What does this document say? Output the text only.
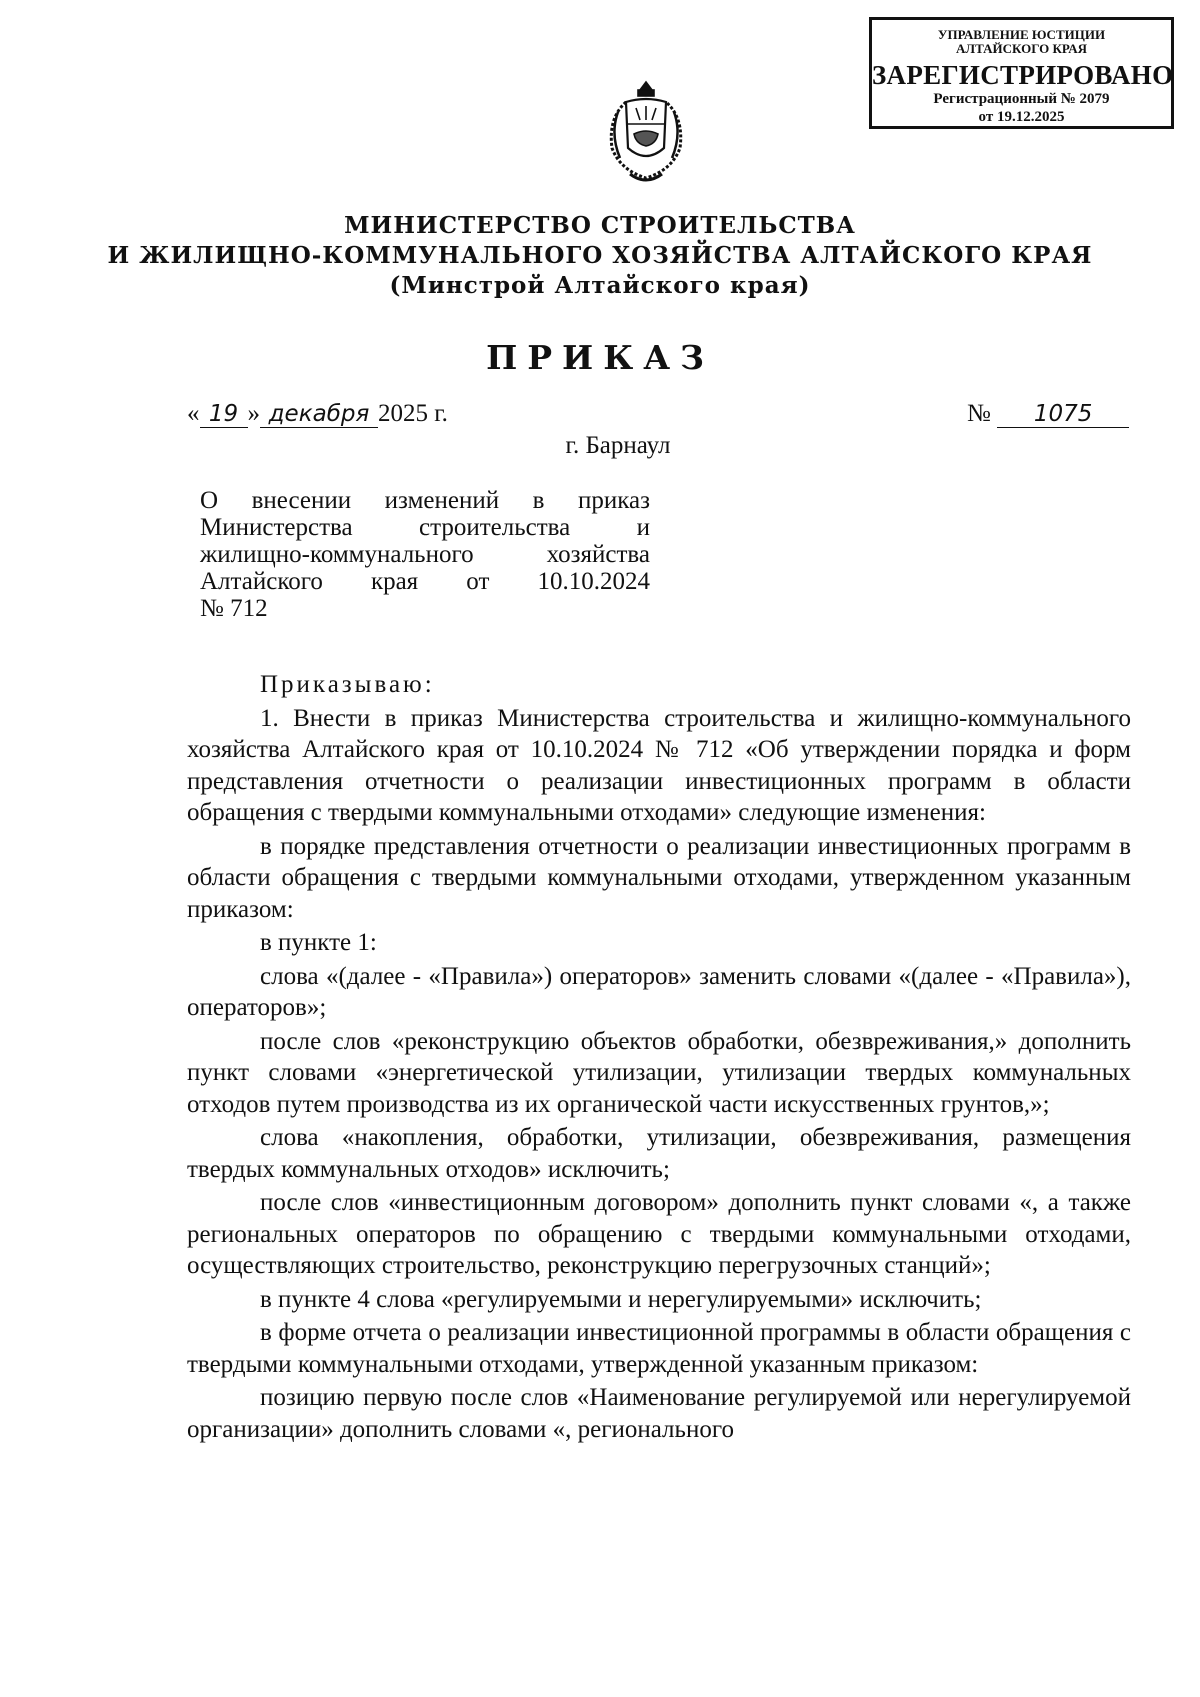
УПРАВЛЕНИЕ ЮСТИЦИИ
АЛТАЙСКОГО КРАЯ
ЗАРЕГИСТРИРОВАНО
Регистрационный № 2079
от 19.12.2025
МИНИСТЕРСТВО СТРОИТЕЛЬСТВА
И ЖИЛИЩНО-КОММУНАЛЬНОГО ХОЗЯЙСТВА АЛТАЙСКОГО КРАЯ
(Минстрой Алтайского края)
ПРИКАЗ
« 19 » декабря 2025 г.	№ 1075
г. Барнаул
О внесении изменений в приказ
Министерства строительства и
жилищно-коммунального хозяйства
Алтайского края от 10.10.2024
№ 712

Приказываю:

1. Внести в приказ Министерства строительства и жилищно-коммунального хозяйства Алтайского края от 10.10.2024 № 712 «Об утверждении порядка и форм представления отчетности о реализации инвестиционных программ в области обращения с твердыми коммунальными отходами» следующие изменения:

в порядке представления отчетности о реализации инвестиционных программ в области обращения с твердыми коммунальными отходами, утвержденном указанным приказом:

в пункте 1:

слова «(далее - «Правила») операторов» заменить словами «(далее - «Правила»), операторов»;

после слов «реконструкцию объектов обработки, обезвреживания,» дополнить пункт словами «энергетической утилизации, утилизации твердых коммунальных отходов путем производства из их органической части искусственных грунтов,»;

слова «накопления, обработки, утилизации, обезвреживания, размещения твердых коммунальных отходов» исключить;

после слов «инвестиционным договором» дополнить пункт словами «, а также региональных операторов по обращению с твердыми коммунальными отходами, осуществляющих строительство, реконструкцию перегрузочных станций»;

в пункте 4 слова «регулируемыми и нерегулируемыми» исключить;

в форме отчета о реализации инвестиционной программы в области обращения с твердыми коммунальными отходами, утвержденной указанным приказом:

позицию первую после слов «Наименование регулируемой или нерегулируемой организации» дополнить словами «, регионального
